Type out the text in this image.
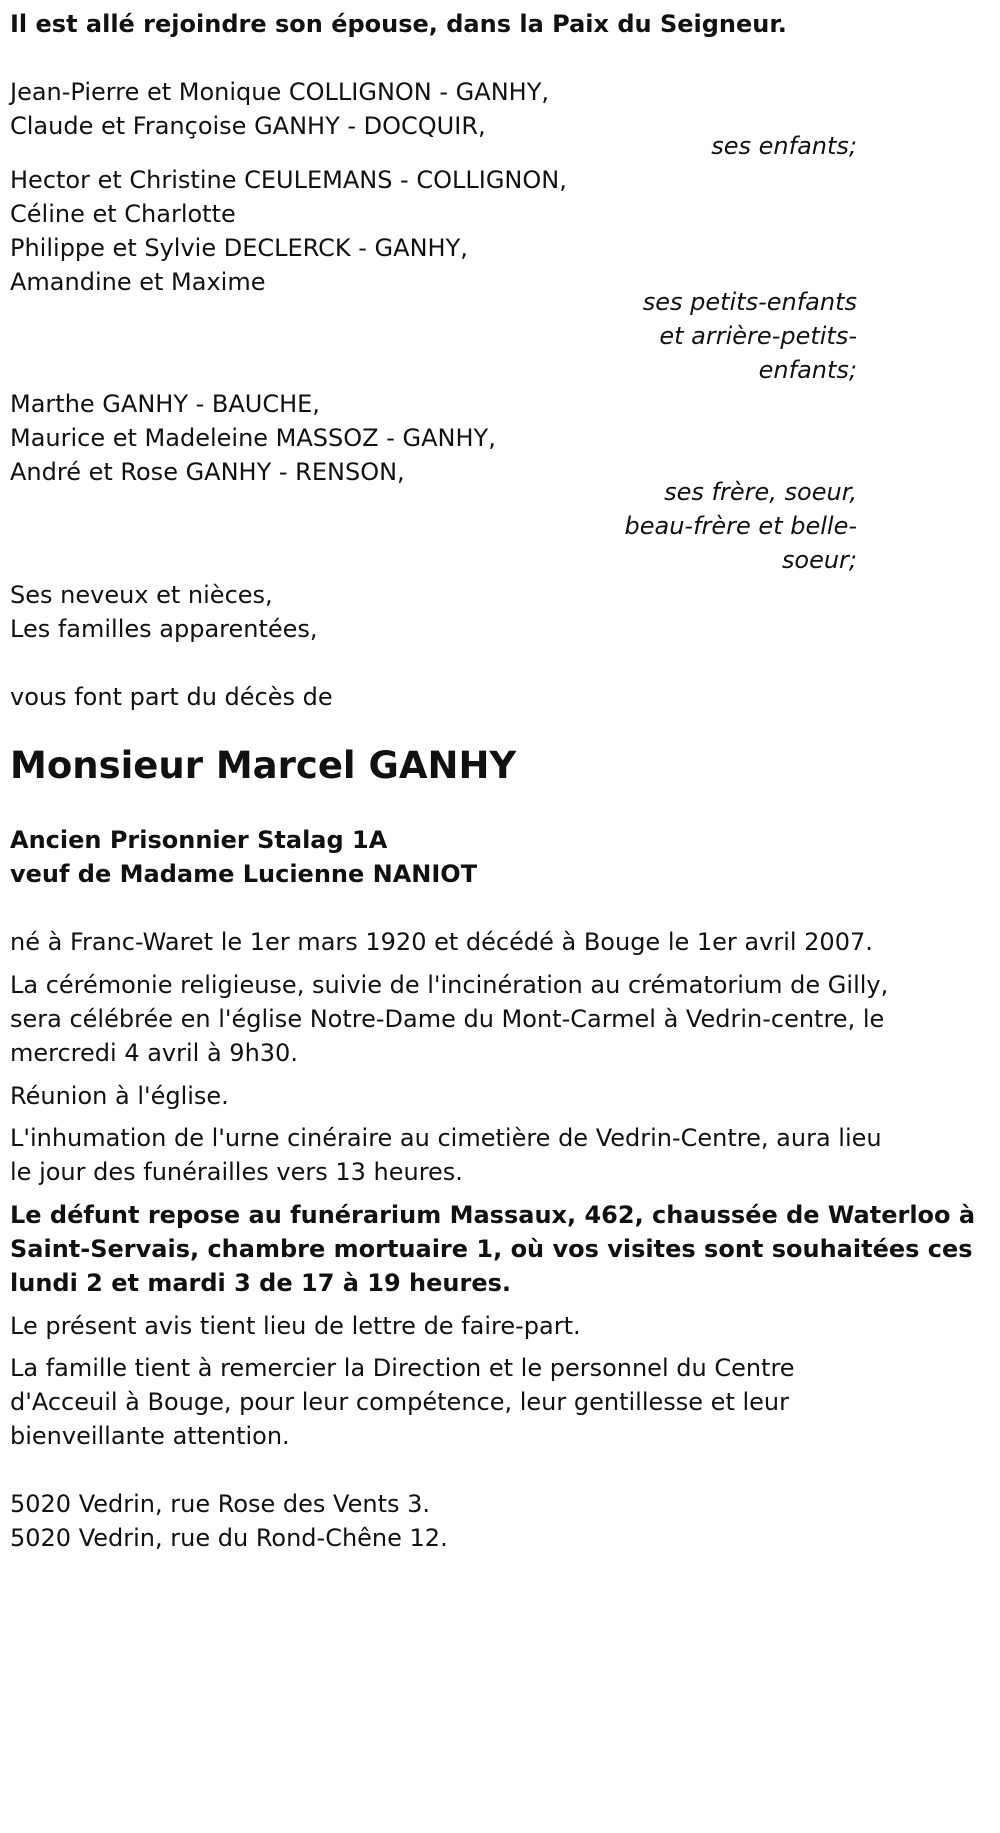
Il est allé rejoindre son épouse, dans la Paix du Seigneur.
Jean-Pierre et Monique COLLIGNON - GANHY,
Claude et Françoise GANHY - DOCQUIR,
ses enfants;
Hector et Christine CEULEMANS - COLLIGNON,
Céline et Charlotte
Philippe et Sylvie DECLERCK - GANHY,
Amandine et Maxime
ses petits-enfants
et arrière-petits-
enfants;
Marthe GANHY - BAUCHE,
Maurice et Madeleine MASSOZ - GANHY,
André et Rose GANHY - RENSON,
ses frère, soeur,
beau-frère et belle-
soeur;
Ses neveux et nièces,
Les familles apparentées,
vous font part du décès de
Monsieur Marcel GANHY
Ancien Prisonnier Stalag 1A
veuf de Madame Lucienne NANIOT
né à Franc-Waret le 1er mars 1920 et décédé à Bouge le 1er avril 2007.
La cérémonie religieuse, suivie de l'incinération au crématorium de Gilly,
sera célébrée en l'église Notre-Dame du Mont-Carmel à Vedrin-centre, le
mercredi 4 avril à 9h30.
Réunion à l'église.
L'inhumation de l'urne cinéraire au cimetière de Vedrin-Centre, aura lieu
le jour des funérailles vers 13 heures.
Le défunt repose au funérarium Massaux, 462, chaussée de Waterloo à
Saint-Servais, chambre mortuaire 1, où vos visites sont souhaitées ces
lundi 2 et mardi 3 de 17 à 19 heures.
Le présent avis tient lieu de lettre de faire-part.
La famille tient à remercier la Direction et le personnel du Centre
d'Acceuil à Bouge, pour leur compétence, leur gentillesse et leur
bienveillante attention.
5020 Vedrin, rue Rose des Vents 3.
5020 Vedrin, rue du Rond-Chêne 12.
